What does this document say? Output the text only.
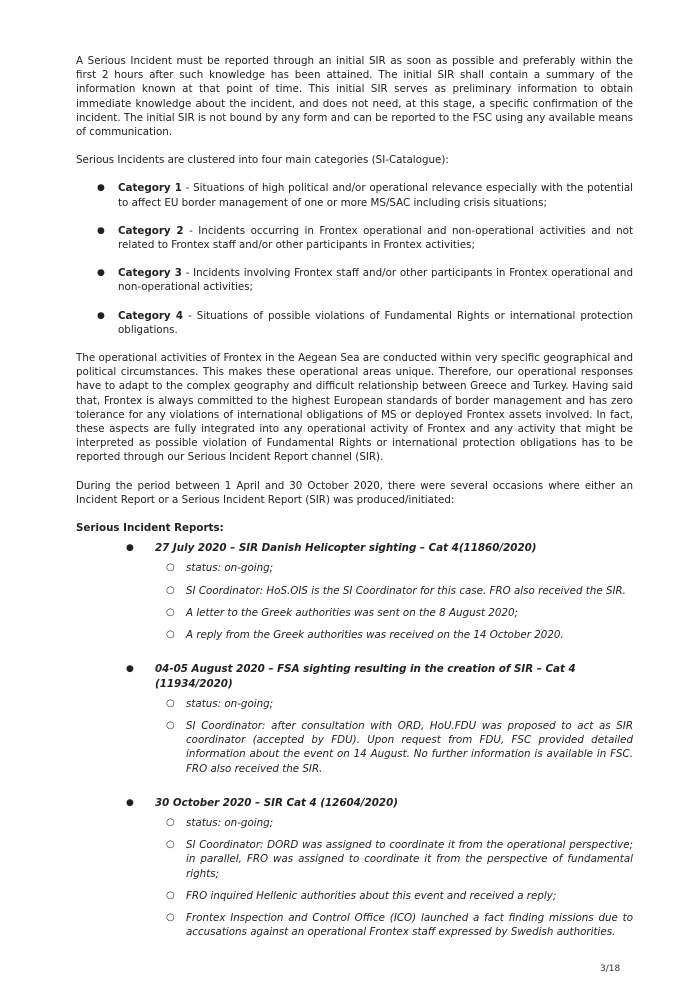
A Serious Incident must be reported through an initial SIR as soon as possible and preferably within the first 2 hours after such knowledge has been attained. The initial SIR shall contain a summary of the information known at that point of time. This initial SIR serves as preliminary information to obtain immediate knowledge about the incident, and does not need, at this stage, a specific confirmation of the incident. The initial SIR is not bound by any form and can be reported to the FSC using any available means of communication.

Serious Incidents are clustered into four main categories (SI-Catalogue):

● Category 1 - Situations of high political and/or operational relevance especially with the potential to affect EU border management of one or more MS/SAC including crisis situations;
● Category 2 - Incidents occurring in Frontex operational and non-operational activities and not related to Frontex staff and/or other participants in Frontex activities;
● Category 3 - Incidents involving Frontex staff and/or other participants in Frontex operational and non-operational activities;
● Category 4 - Situations of possible violations of Fundamental Rights or international protection obligations.

The operational activities of Frontex in the Aegean Sea are conducted within very specific geographical and political circumstances. This makes these operational areas unique. Therefore, our operational responses have to adapt to the complex geography and difficult relationship between Greece and Turkey. Having said that, Frontex is always committed to the highest European standards of border management and has zero tolerance for any violations of international obligations of MS or deployed Frontex assets involved. In fact, these aspects are fully integrated into any operational activity of Frontex and any activity that might be interpreted as possible violation of Fundamental Rights or international protection obligations has to be reported through our Serious Incident Report channel (SIR).

During the period between 1 April and 30 October 2020, there were several occasions where either an Incident Report or a Serious Incident Report (SIR) was produced/initiated:

Serious Incident Reports:

● 27 July 2020 – SIR Danish Helicopter sighting – Cat 4(11860/2020)
○ status: on-going;
○ SI Coordinator: HoS.OIS is the SI Coordinator for this case. FRO also received the SIR.
○ A letter to the Greek authorities was sent on the 8 August 2020;
○ A reply from the Greek authorities was received on the 14 October 2020.
● 04-05 August 2020 – FSA sighting resulting in the creation of SIR – Cat 4 (11934/2020)
○ status: on-going;
○ SI Coordinator: after consultation with ORD, HoU.FDU was proposed to act as SIR coordinator (accepted by FDU). Upon request from FDU, FSC provided detailed information about the event on 14 August. No further information is available in FSC. FRO also received the SIR.
● 30 October 2020 – SIR Cat 4 (12604/2020)
○ status: on-going;
○ SI Coordinator: DORD was assigned to coordinate it from the operational perspective; in parallel, FRO was assigned to coordinate it from the perspective of fundamental rights;
○ FRO inquired Hellenic authorities about this event and received a reply;
○ Frontex Inspection and Control Office (ICO) launched a fact finding missions due to accusations against an operational Frontex staff expressed by Swedish authorities.
3/18
